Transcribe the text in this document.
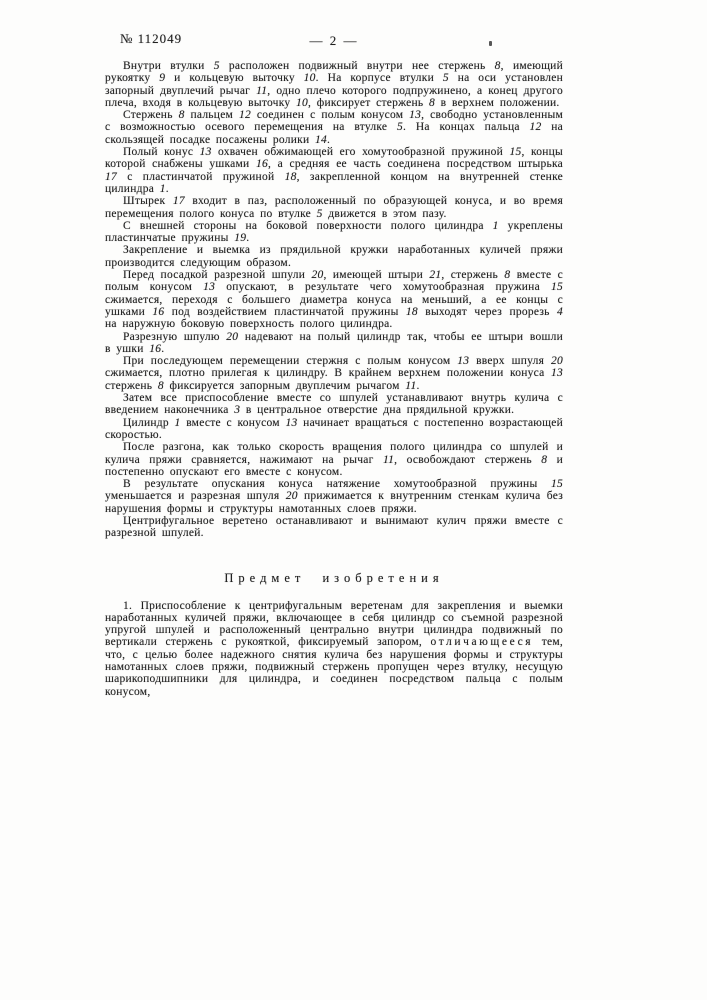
№ 112049	— 2 —

Внутри втулки 5 расположен подвижный внутри нее стержень 8, имеющий рукоятку 9 и кольцевую выточку 10. На корпусе втулки 5 на оси установлен запорный двуплечий рычаг 11, одно плечо которого подпружинено, а конец другого плеча, входя в кольцевую выточку 10, фиксирует стержень 8 в верхнем положении.

Стержень 8 пальцем 12 соединен с полым конусом 13, свободно установленным с возможностью осевого перемещения на втулке 5. На концах пальца 12 на скользящей посадке посажены ролики 14.

Полый конус 13 охвачен обжимающей его хомутообразной пружиной 15, концы которой снабжены ушками 16, а средняя ее часть соединена посредством штырька 17 с пластинчатой пружиной 18, закрепленной концом на внутренней стенке цилиндра 1.

Штырек 17 входит в паз, расположенный по образующей конуса, и во время перемещения полого конуса по втулке 5 движется в этом пазу.

С внешней стороны на боковой поверхности полого цилиндра 1 укреплены пластинчатые пружины 19.

Закрепление и выемка из прядильной кружки наработанных куличей пряжи производится следующим образом.

Перед посадкой разрезной шпули 20, имеющей штыри 21, стержень 8 вместе с полым конусом 13 опускают, в результате чего хомутообразная пружина 15 сжимается, переходя с большего диаметра конуса на меньший, а ее концы с ушками 16 под воздействием пластинчатой пружины 18 выходят через прорезь 4 на наружную боковую поверхность полого цилиндра.

Разрезную шпулю 20 надевают на полый цилиндр так, чтобы ее штыри вошли в ушки 16.

При последующем перемещении стержня с полым конусом 13 вверх шпуля 20 сжимается, плотно прилегая к цилиндру. В крайнем верхнем положении конуса 13 стержень 8 фиксируется запорным двуплечим рычагом 11.

Затем все приспособление вместе со шпулей устанавливают внутрь кулича с введением наконечника 3 в центральное отверстие дна прядильной кружки.

Цилиндр 1 вместе с конусом 13 начинает вращаться с постепенно возрастающей скоростью.

После разгона, как только скорость вращения полого цилиндра со шпулей и кулича пряжи сравняется, нажимают на рычаг 11, освобождают стержень 8 и постепенно опускают его вместе с конусом.

В результате опускания конуса натяжение хомутообразной пружины 15 уменьшается и разрезная шпуля 20 прижимается к внутренним стенкам кулича без нарушения формы и структуры намотанных слоев пряжи.

Центрифугальное веретено останавливают и вынимают кулич пряжи вместе с разрезной шпулей.

Предмет изобретения

1. Приспособление к центрифугальным веретенам для закрепления и выемки наработанных куличей пряжи, включающее в себя цилиндр со съемной разрезной упругой шпулей и расположенный центрально внутри цилиндра подвижный по вертикали стержень с рукояткой, фиксируемый запором, отличающееся тем, что, с целью более надежного снятия кулича без нарушения формы и структуры намотанных слоев пряжи, подвижный стержень пропущен через втулку, несущую шарикоподшипники для цилиндра, и соединен посредством пальца с полым конусом,
